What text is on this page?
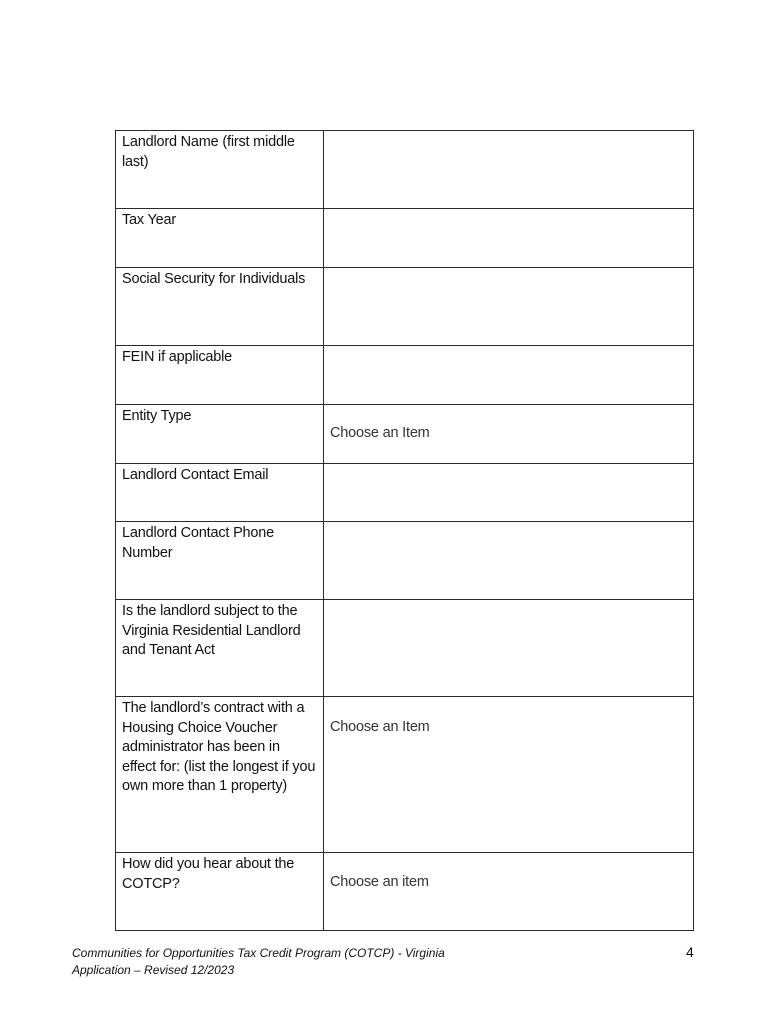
Landlord Name (first middle last)	
Tax Year	
Social Security for Individuals	
FEIN if applicable	
Entity Type	Choose an Item

Landlord Contact Email	
Landlord Contact Phone Number	
Is the landlord subject to the Virginia Residential Landlord and Tenant Act	
The landlord’s contract with a Housing Choice Voucher administrator has been in effect for: (list the longest if you own more than 1 property)	Choose an Item

How did you hear about the COTCP?	Choose an item
Communities for Opportunities Tax Credit Program (COTCP) - Virginia
Application – Revised 12/2023
4
